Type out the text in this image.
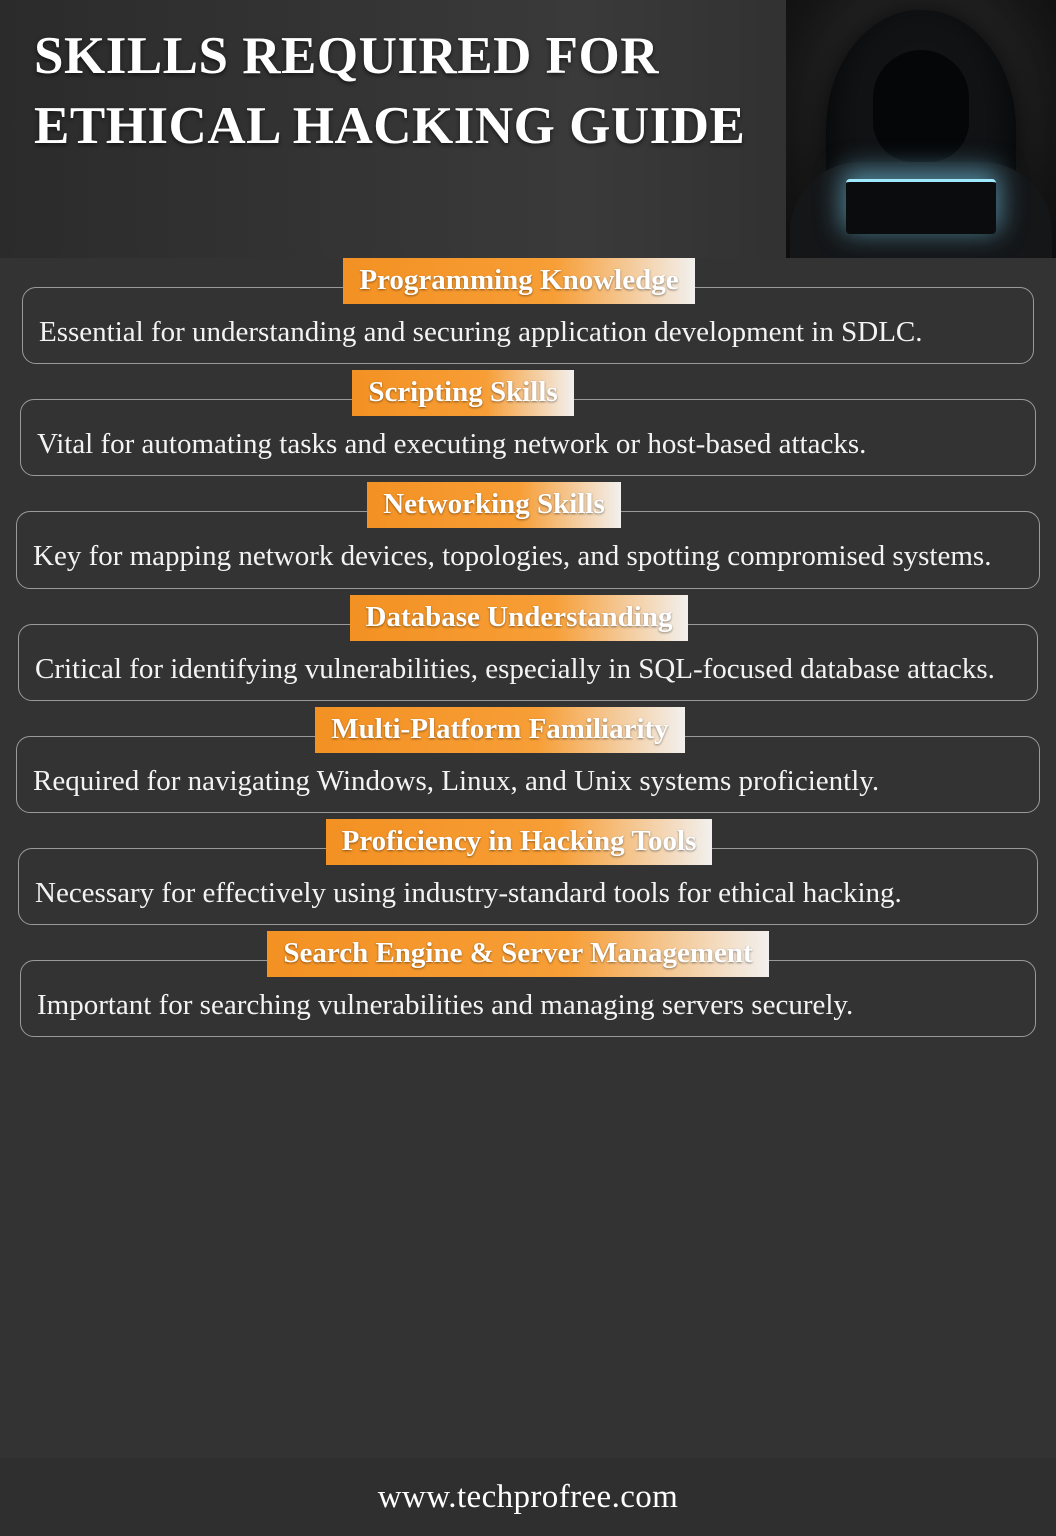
SKILLS REQUIRED FOR ETHICAL HACKING GUIDE
Programming Knowledge
Essential for understanding and securing application development in SDLC.
Scripting Skills
Vital for automating tasks and executing network or host-based attacks.
Networking Skills
Key for mapping network devices, topologies, and spotting compromised systems.
Database Understanding
Critical for identifying vulnerabilities, especially in SQL-focused database attacks.
Multi-Platform Familiarity
Required for navigating Windows, Linux, and Unix systems proficiently.
Proficiency in Hacking Tools
Necessary for effectively using industry-standard tools for ethical hacking.
Search Engine & Server Management
Important for searching vulnerabilities and managing servers securely.
www.techprofree.com
